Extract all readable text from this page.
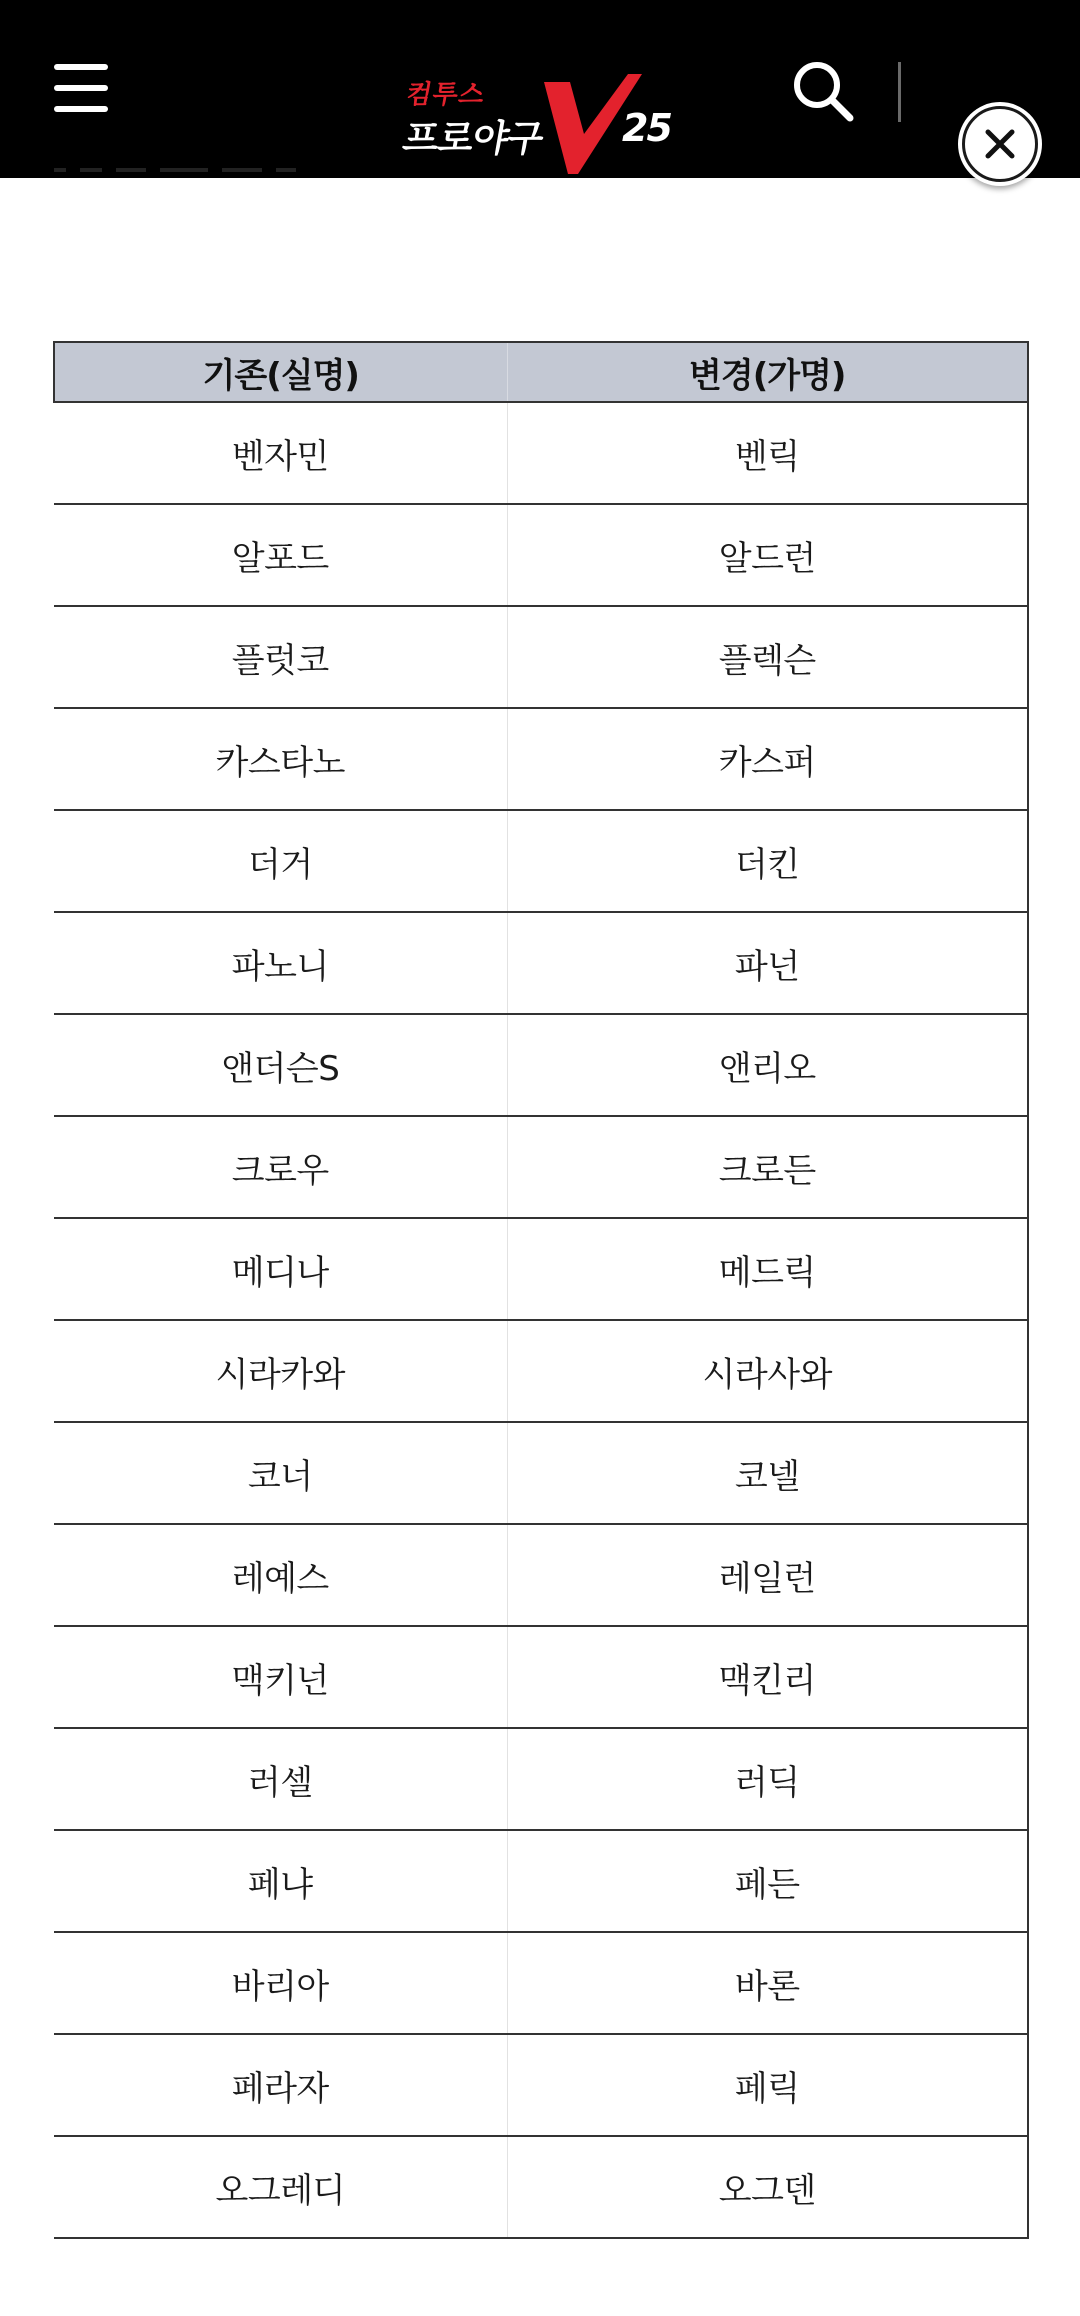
컴투스
프로야구 25
기존(실명)	변경(가명)
벤자민	벤릭
알포드	알드런
플럿코	플렉슨
카스타노	카스퍼
더거	더킨
파노니	파넌
앤더슨S	앤리오
크로우	크로든
메디나	메드릭
시라카와	시라사와
코너	코넬
레예스	레일런
맥키넌	맥킨리
러셀	러딕
페냐	페든
바리아	바론
페라자	페릭
오그레디	오그덴
